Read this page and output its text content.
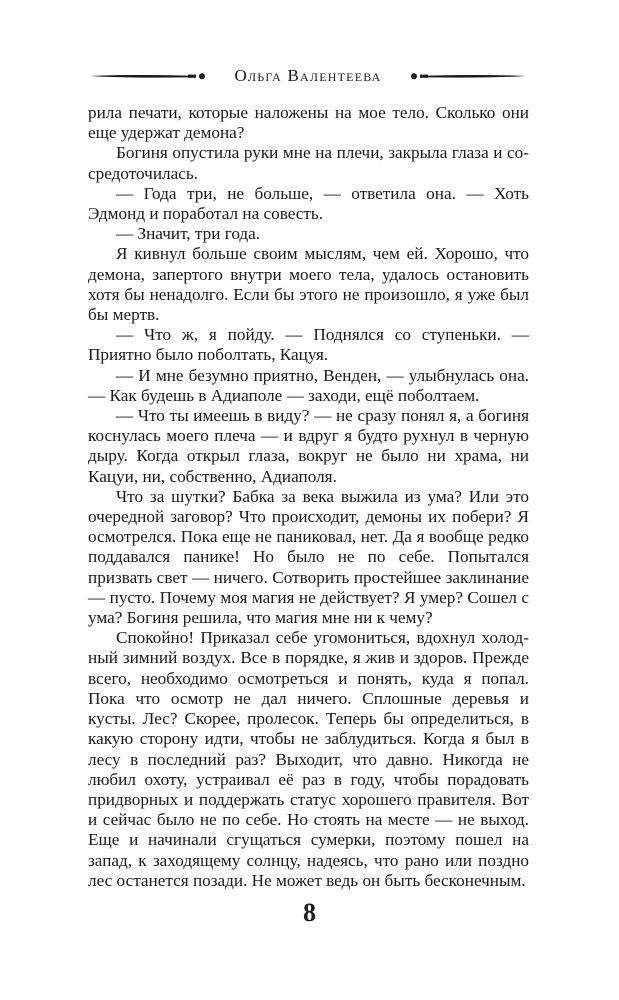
Ольга Валентеева

рила печати, которые наложены на мое тело. Сколько они еще удержат демона?

Богиня опустила руки мне на плечи, закрыла глаза и сосредоточилась.

— Года три, не больше, — ответила она. — Хоть Эдмонд и поработал на совесть.

— Значит, три года.

Я кивнул больше своим мыслям, чем ей. Хорошо, что демона, запертого внутри моего тела, удалось остановить хотя бы ненадолго. Если бы этого не произошло, я уже был бы мертв.

— Что ж, я пойду. — Поднялся со ступеньки. — Приятно было поболтать, Кацуя.

— И мне безумно приятно, Венден, — улыбнулась она. — Как будешь в Адиаполе — заходи, ещё поболтаем.

— Что ты имеешь в виду? — не сразу понял я, а богиня коснулась моего плеча — и вдруг я будто рухнул в черную дыру. Когда открыл глаза, вокруг не было ни храма, ни Кацуи, ни, собственно, Адиаполя.

Что за шутки? Бабка за века выжила из ума? Или это очередной заговор? Что происходит, демоны их побери? Я осмотрелся. Пока еще не паниковал, нет. Да я вообще редко поддавался панике! Но было не по себе. Попытался призвать свет — ничего. Сотворить простейшее заклинание — пусто. Почему моя магия не действует? Я умер? Сошел с ума? Богиня решила, что магия мне ни к чему?

Спокойно! Приказал себе угомониться, вдохнул холодный зимний воздух. Все в порядке, я жив и здоров. Прежде всего, необходимо осмотреться и понять, куда я попал. Пока что осмотр не дал ничего. Сплошные деревья и кусты. Лес? Скорее, пролесок. Теперь бы определиться, в какую сторону идти, чтобы не заблудиться. Когда я был в лесу в последний раз? Выходит, что давно. Никогда не любил охоту, устраивал её раз в году, чтобы порадовать придворных и поддержать статус хорошего правителя. Вот и сейчас было не по себе. Но стоять на месте — не выход. Еще и начинали сгущаться сумерки, поэтому пошел на запад, к заходящему солнцу, надеясь, что рано или поздно лес останется позади. Не может ведь он быть бесконечным.

8
